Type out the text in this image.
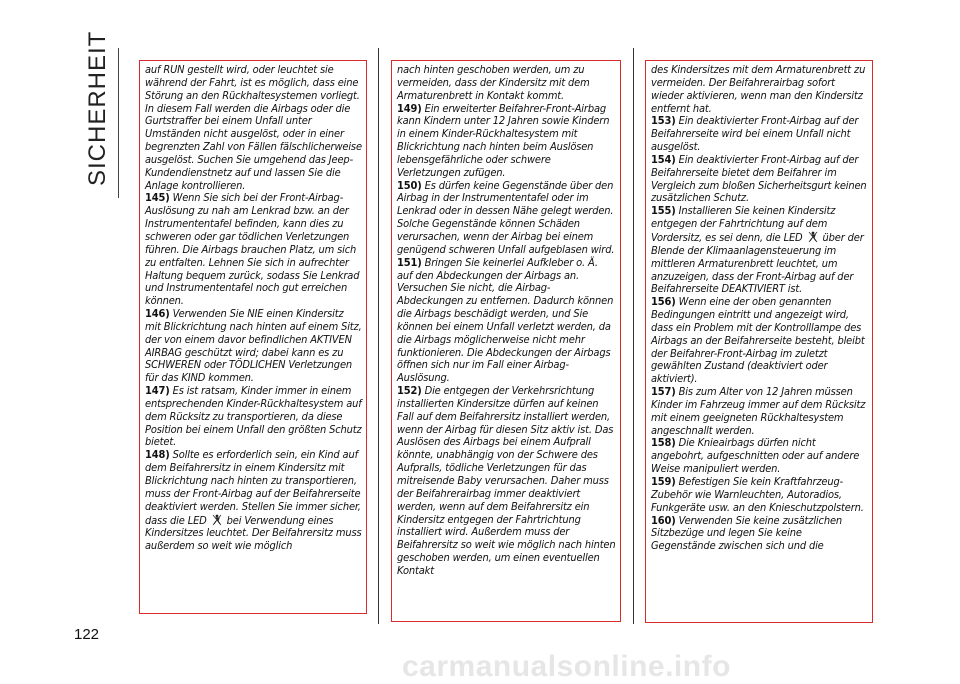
SICHERHEIT	auf RUN gestellt wird, oder leuchtet sie während der Fahrt, ist es möglich, dass eine Störung an den Rückhaltesystemen vorliegt. In diesem Fall werden die Airbags oder die Gurtstraffer bei einem Unfall unter Umständen nicht ausgelöst, oder in einer begrenzten Zahl von Fällen fälschlicherweise ausgelöst. Suchen Sie umgehend das Jeep-Kundendienstnetz auf und lassen Sie die Anlage kontrollieren.

145) Wenn Sie sich bei der Front-Airbag-Auslösung zu nah am Lenkrad bzw. an der Instrumententafel befinden, kann dies zu schweren oder gar tödlichen Verletzungen führen. Die Airbags brauchen Platz, um sich zu entfalten. Lehnen Sie sich in aufrechter Haltung bequem zurück, sodass Sie Lenkrad und Instrumententafel noch gut erreichen können.

146) Verwenden Sie NIE einen Kindersitz mit Blickrichtung nach hinten auf einem Sitz, der von einem davor befindlichen AKTIVEN AIRBAG geschützt wird; dabei kann es zu SCHWEREN oder TÖDLICHEN Verletzungen für das KIND kommen.

147) Es ist ratsam, Kinder immer in einem entsprechenden Kinder-Rückhaltesystem auf dem Rücksitz zu transportieren, da diese Position bei einem Unfall den größten Schutz bietet.

148) Sollte es erforderlich sein, ein Kind auf dem Beifahrersitz in einem Kindersitz mit Blickrichtung nach hinten zu transportieren, muss der Front-Airbag auf der Beifahrerseite deaktiviert werden. Stellen Sie immer sicher, dass die LED bei Verwendung eines Kindersitzes leuchtet. Der Beifahrersitz muss außerdem so weit wie möglich

nach hinten geschoben werden, um zu vermeiden, dass der Kindersitz mit dem Armaturenbrett in Kontakt kommt.

149) Ein erweiterter Beifahrer-Front-Airbag kann Kindern unter 12 Jahren sowie Kindern in einem Kinder-Rückhaltesystem mit Blickrichtung nach hinten beim Auslösen lebensgefährliche oder schwere Verletzungen zufügen.

150) Es dürfen keine Gegenstände über den Airbag in der Instrumententafel oder im Lenkrad oder in dessen Nähe gelegt werden. Solche Gegenstände können Schäden verursachen, wenn der Airbag bei einem genügend schweren Unfall aufgeblasen wird.

151) Bringen Sie keinerlei Aufkleber o. Ä. auf den Abdeckungen der Airbags an. Versuchen Sie nicht, die Airbag-Abdeckungen zu entfernen. Dadurch können die Airbags beschädigt werden, und Sie können bei einem Unfall verletzt werden, da die Airbags möglicherweise nicht mehr funktionieren. Die Abdeckungen der Airbags öffnen sich nur im Fall einer Airbag-Auslösung.

152) Die entgegen der Verkehrsrichtung installierten Kindersitze dürfen auf keinen Fall auf dem Beifahrersitz installiert werden, wenn der Airbag für diesen Sitz aktiv ist. Das Auslösen des Airbags bei einem Aufprall könnte, unabhängig von der Schwere des Aufpralls, tödliche Verletzungen für das mitreisende Baby verursachen. Daher muss der Beifahrerairbag immer deaktiviert werden, wenn auf dem Beifahrersitz ein Kindersitz entgegen der Fahrtrichtung installiert wird. Außerdem muss der Beifahrersitz so weit wie möglich nach hinten geschoben werden, um einen eventuellen Kontakt

des Kindersitzes mit dem Armaturenbrett zu vermeiden. Der Beifahrerairbag sofort wieder aktivieren, wenn man den Kindersitz entfernt hat.

153) Ein deaktivierter Front-Airbag auf der Beifahrerseite wird bei einem Unfall nicht ausgelöst.

154) Ein deaktivierter Front-Airbag auf der Beifahrerseite bietet dem Beifahrer im Vergleich zum bloßen Sicherheitsgurt keinen zusätzlichen Schutz.

155) Installieren Sie keinen Kindersitz entgegen der Fahrtrichtung auf dem Vordersitz, es sei denn, die LED über der Blende der Klimaanlagensteuerung im mittleren Armaturenbrett leuchtet, um anzuzeigen, dass der Front-Airbag auf der Beifahrerseite DEAKTIVIERT ist.

156) Wenn eine der oben genannten Bedingungen eintritt und angezeigt wird, dass ein Problem mit der Kontrolllampe des Airbags an der Beifahrerseite besteht, bleibt der Beifahrer-Front-Airbag im zuletzt gewählten Zustand (deaktiviert oder aktiviert).

157) Bis zum Alter von 12 Jahren müssen Kinder im Fahrzeug immer auf dem Rücksitz mit einem geeigneten Rückhaltesystem angeschnallt werden.

158) Die Knieairbags dürfen nicht angebohrt, aufgeschnitten oder auf andere Weise manipuliert werden.

159) Befestigen Sie kein Kraftfahrzeug-Zubehör wie Warnleuchten, Autoradios, Funkgeräte usw. an den Knieschutzpolstern.

160) Verwenden Sie keine zusätzlichen Sitzbezüge und legen Sie keine Gegenstände zwischen sich und die

122
carmanualsonline.info
